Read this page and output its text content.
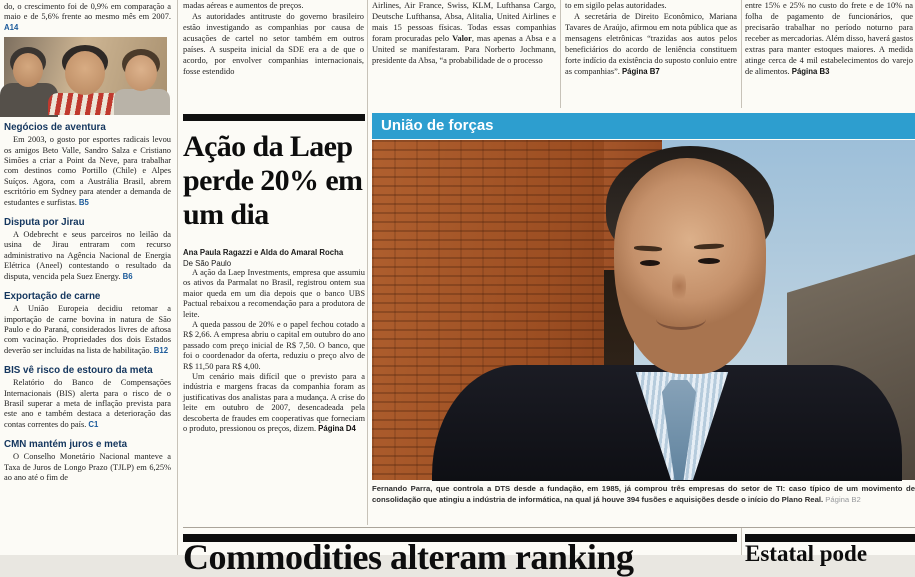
do, o crescimento foi de 0,9% em comparação a maio e de 5,6% frente ao mesmo mês em 2007. A14

Negócios de aventura

Em 2003, o gosto por esportes radicais levou os amigos Beto Valle, Sandro Salza e Cristiano Simões a criar a Point da Neve, para trabalhar com destinos como Portillo (Chile) e Alpes Suíços. Agora, com a Austrália Brasil, abrem escritório em Sydney para atender a demanda de estudantes e surfistas. B5

Disputa por Jirau

A Odebrecht e seus parceiros no leilão da usina de Jirau entraram com recurso administrativo na Agência Nacional de Energia Elétrica (Aneel) contestando o resultado da disputa, vencida pela Suez Energy. B6

Exportação de carne

A União Europeia decidiu retomar a importação de carne bovina in natura de São Paulo e do Paraná, considerados livres de aftosa com vacinação. Propriedades dos dois Estados deverão ser incluídas na lista de habilitação. B12

BIS vê risco de estouro da meta

Relatório do Banco de Compensações Internacionais (BIS) alerta para o risco de o Brasil superar a meta de inflação prevista para este ano e também destaca a deterioração das contas correntes do país. C1

CMN mantém juros e meta

O Conselho Monetário Nacional manteve a Taxa de Juros de Longo Prazo (TJLP) em 6,25% ao ano até o fim de

madas aéreas e aumentos de preços.

As autoridades antitruste do governo brasileiro estão investigando as companhias por causa de acusações de cartel no setor também em outros países. A suspeita inicial da SDE era a de que o acordo, por envolver companhias internacionais, fosse estendido

Airlines, Air France, Swiss, KLM, Lufthansa Cargo, Deutsche Lufthansa, Absa, Alitalia, United Airlines e mais 15 pessoas físicas. Todas essas companhias foram procuradas pelo Valor, mas apenas a Absa e a United se manifestaram. Para Norberto Jochmann, presidente da Absa, “a probabilidade de o processo

to em sigilo pelas autoridades.

A secretária de Direito Econômico, Mariana Tavares de Araújo, afirmou em nota pública que as mensagens eletrônicas “trazidas aos autos pelos beneficiários do acordo de leniência constituem forte indício da existência do suposto conluio entre as companhias”. Página B7

entre 15% e 25% no custo do frete e de 10% na folha de pagamento de funcionários, que precisarão trabalhar no período noturno para receber as mercadorias. Além disso, haverá gastos extras para manter estoques maiores. A medida atinge cerca de 4 mil estabelecimentos do varejo de alimentos. Página B3

Ação da Laep perde 20% em um dia
Ana Paula Ragazzi e Alda do Amaral Rocha
De São Paulo

A ação da Laep Investments, empresa que assumiu os ativos da Parmalat no Brasil, registrou ontem sua maior queda em um dia depois que o banco UBS Pactual rebaixou a recomendação para a produtora de leite.

A queda passou de 20% e o papel fechou cotado a R$ 2,66. A empresa abriu o capital em outubro do ano passado com preço inicial de R$ 7,50. O banco, que foi o coordenador da oferta, reduziu o preço alvo de R$ 11,50 para R$ 4,00.

Um cenário mais difícil que o previsto para a indústria e margens fracas da companhia foram as justificativas dos analistas para a mudança. A crise do leite em outubro de 2007, desencadeada pela descoberta de fraudes em cooperativas que forneciam o produto, pressionou os preços, dizem. Página D4

União de forças

Fernando Parra, que controla a DTS desde a fundação, em 1985, já comprou três empresas do setor de TI: caso típico de um movimento de consolidação que atingiu a indústria de informática, na qual já houve 394 fusões e aquisições desde o início do Plano Real. Página B2

Commodities alteram ranking	Estatal pode
